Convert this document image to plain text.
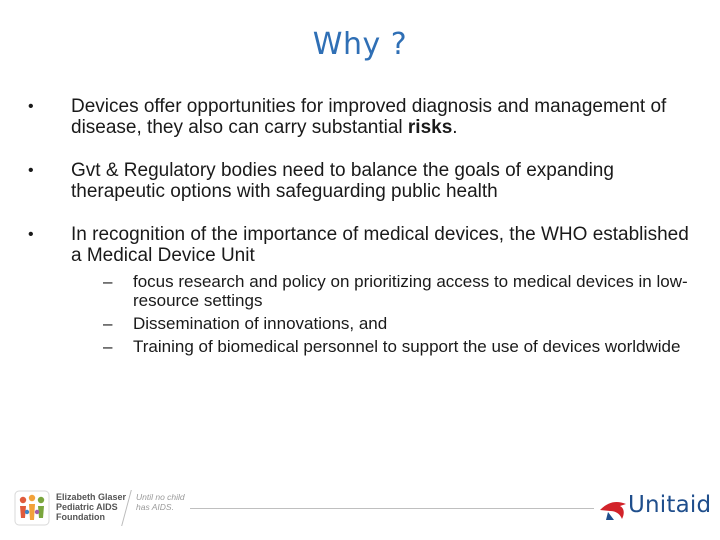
Why ?
• Devices offer opportunities for improved diagnosis and management of disease, they also can carry substantial risks.
• Gvt & Regulatory bodies need to balance the goals of expanding therapeutic options with safeguarding public health
• In recognition of the importance of medical devices, the WHO established a Medical Device Unit
– focus research and policy on prioritizing access to medical devices in low-resource settings
– Dissemination of innovations, and
– Training of biomedical personnel to support the use of devices worldwide
Elizabeth Glaser Pediatric AIDS Foundation
Until no child has AIDS.	Unitaid
